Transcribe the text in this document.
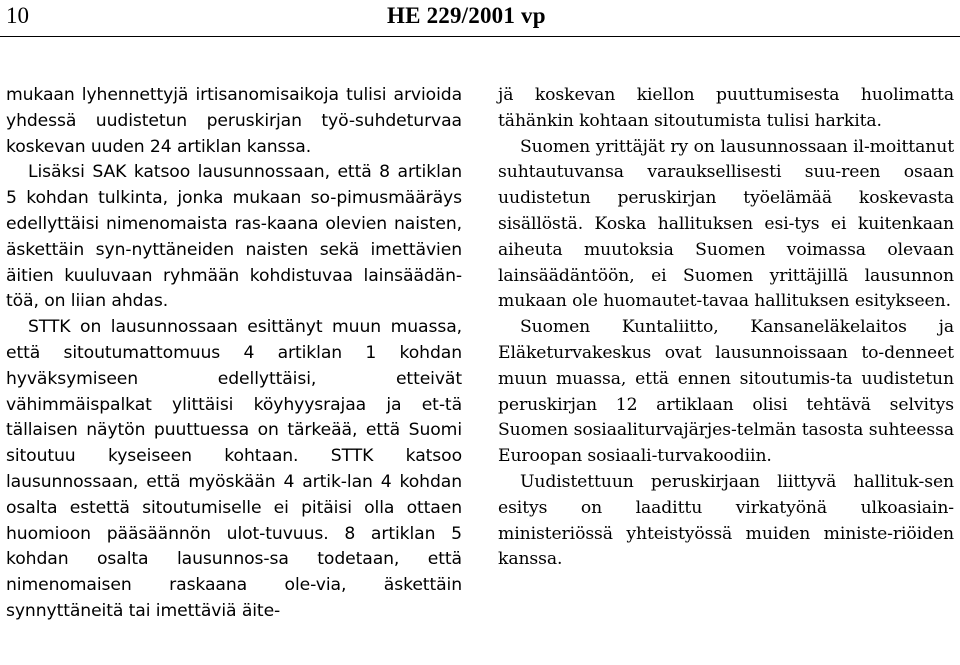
10	HE 229/2001 vp

mukaan lyhennettyjä irtisanomisaikoja tulisi arvioida yhdessä uudistetun peruskirjan työ-suhdeturvaa koskevan uuden 24 artiklan kanssa.

Lisäksi SAK katsoo lausunnossaan, että 8 artiklan 5 kohdan tulkinta, jonka mukaan so-pimusmääräys edellyttäisi nimenomaista ras-kaana olevien naisten, äskettäin syn-nyttäneiden naisten sekä imettävien äitien kuuluvaan ryhmään kohdistuvaa lainsäädän-töä, on liian ahdas.

STTK on lausunnossaan esittänyt muun muassa, että sitoutumattomuus 4 artiklan 1 kohdan hyväksymiseen edellyttäisi, etteivät vähimmäispalkat ylittäisi köyhyysrajaa ja et-tä tällaisen näytön puuttuessa on tärkeää, että Suomi sitoutuu kyseiseen kohtaan. STTK katsoo lausunnossaan, että myöskään 4 artik-lan 4 kohdan osalta estettä sitoutumiselle ei pitäisi olla ottaen huomioon pääsäännön ulot-tuvuus. 8 artiklan 5 kohdan osalta lausunnos-sa todetaan, että nimenomaisen raskaana ole-via, äskettäin synnyttäneitä tai imettäviä äite-

jä koskevan kiellon puuttumisesta huolimatta tähänkin kohtaan sitoutumista tulisi harkita.

Suomen yrittäjät ry on lausunnossaan il-moittanut suhtautuvansa varauksellisesti suu-reen osaan uudistetun peruskirjan työelämää koskevasta sisällöstä. Koska hallituksen esi-tys ei kuitenkaan aiheuta muutoksia Suomen voimassa olevaan lainsäädäntöön, ei Suomen yrittäjillä lausunnon mukaan ole huomautet-tavaa hallituksen esitykseen.

Suomen Kuntaliitto, Kansaneläkelaitos ja Eläketurvakeskus ovat lausunnoissaan to-denneet muun muassa, että ennen sitoutumis-ta uudistetun peruskirjan 12 artiklaan olisi tehtävä selvitys Suomen sosiaaliturvajärjes-telmän tasosta suhteessa Euroopan sosiaali-turvakoodiin.

Uudistettuun peruskirjaan liittyvä hallituk-sen esitys on laadittu virkatyönä ulkoasiain-ministeriössä yhteistyössä muiden ministe-riöiden kanssa.
